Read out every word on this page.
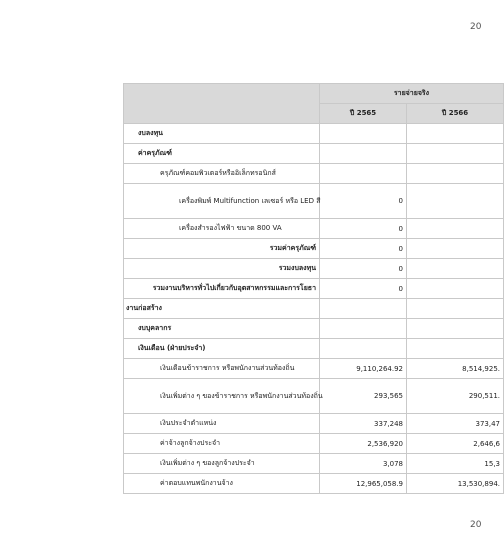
20
	รายจ่ายจริง	
	ปี 2565	ปี 2566
งบลงทุน		
ค่าครุภัณฑ์		
ครุภัณฑ์คอมพิวเตอร์หรืออิเล็กทรอนิกส์		
เครื่องพิมพ์ Multifunction เลเซอร์ หรือ LED สี	0	
เครื่องสำรองไฟฟ้า ขนาด 800 VA	0	
รวมค่าครุภัณฑ์	0	
รวมงบลงทุน	0	
รวมงานบริหารทั่วไปเกี่ยวกับอุตสาหกรรมและการโยธา	0	
งานก่อสร้าง		
งบบุคลากร		
เงินเดือน (ฝ่ายประจำ)		
เงินเดือนข้าราชการ หรือพนักงานส่วนท้องถิ่น	9,110,264.92	8,514,925.
เงินเพิ่มต่าง ๆ ของข้าราชการ หรือพนักงานส่วนท้องถิ่น	293,565	290,511.
เงินประจำตำแหน่ง	337,248	373,47
ค่าจ้างลูกจ้างประจำ	2,536,920	2,646,6
เงินเพิ่มต่าง ๆ ของลูกจ้างประจำ	3,078	15,3
ค่าตอบแทนพนักงานจ้าง	12,965,058.9	13,530,894.
20
